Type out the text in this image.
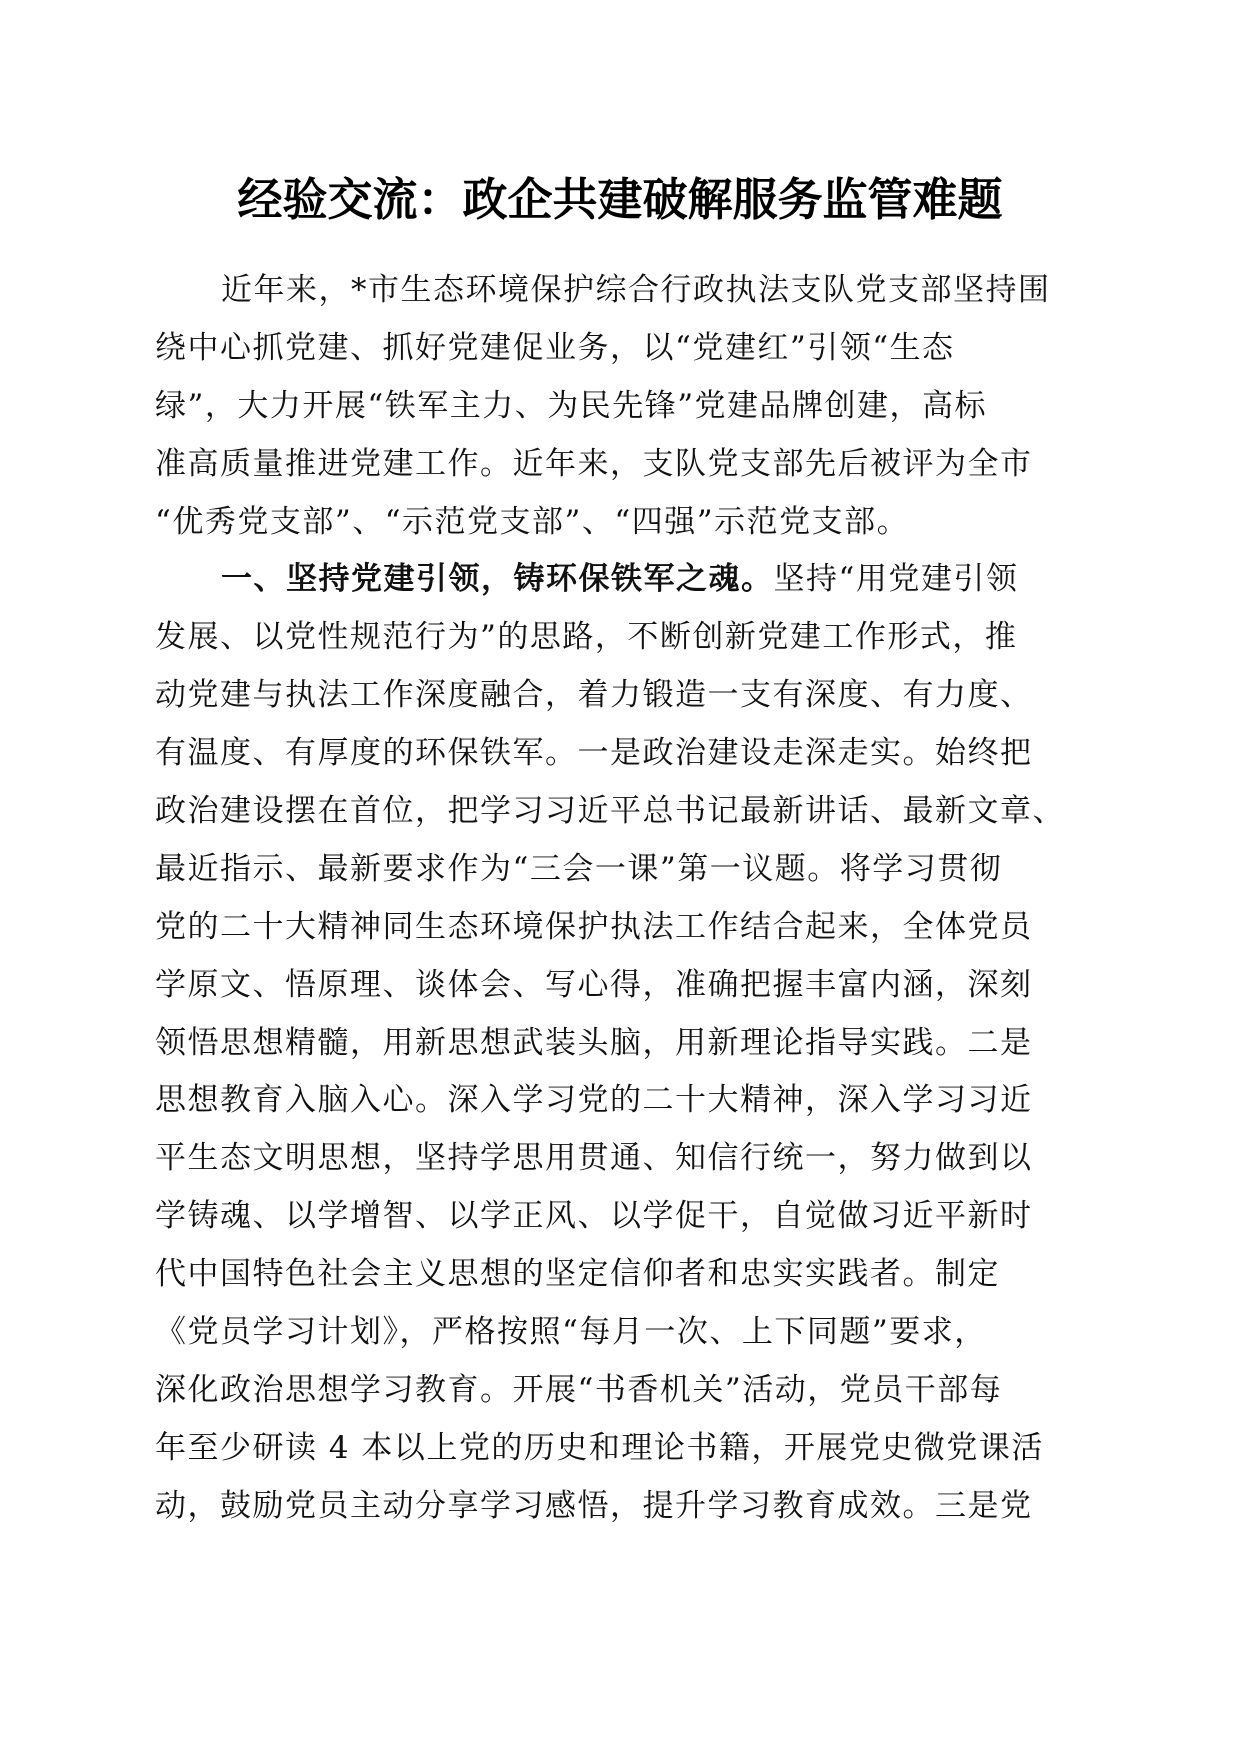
经验交流：政企共建破解服务监管难题
近年来，*市生态环境保护综合行政执法支队党支部坚持围
绕中心抓党建、抓好党建促业务，以“党建红”引领“生态
绿”，大力开展“铁军主力、为民先锋”党建品牌创建，高标
准高质量推进党建工作。近年来，支队党支部先后被评为全市
“优秀党支部”、“示范党支部”、“四强”示范党支部。
一、坚持党建引领，铸环保铁军之魂。坚持“用党建引领
发展、以党性规范行为”的思路，不断创新党建工作形式，推
动党建与执法工作深度融合，着力锻造一支有深度、有力度、
有温度、有厚度的环保铁军。一是政治建设走深走实。始终把
政治建设摆在首位，把学习习近平总书记最新讲话、最新文章、
最近指示、最新要求作为“三会一课”第一议题。将学习贯彻
党的二十大精神同生态环境保护执法工作结合起来，全体党员
学原文、悟原理、谈体会、写心得，准确把握丰富内涵，深刻
领悟思想精髓，用新思想武装头脑，用新理论指导实践。二是
思想教育入脑入心。深入学习党的二十大精神，深入学习习近
平生态文明思想，坚持学思用贯通、知信行统一，努力做到以
学铸魂、以学增智、以学正风、以学促干，自觉做习近平新时
代中国特色社会主义思想的坚定信仰者和忠实实践者。制定
《党员学习计划》，严格按照“每月一次、上下同题”要求，
深化政治思想学习教育。开展“书香机关”活动，党员干部每
年至少研读 4 本以上党的历史和理论书籍，开展党史微党课活
动，鼓励党员主动分享学习感悟，提升学习教育成效。三是党
